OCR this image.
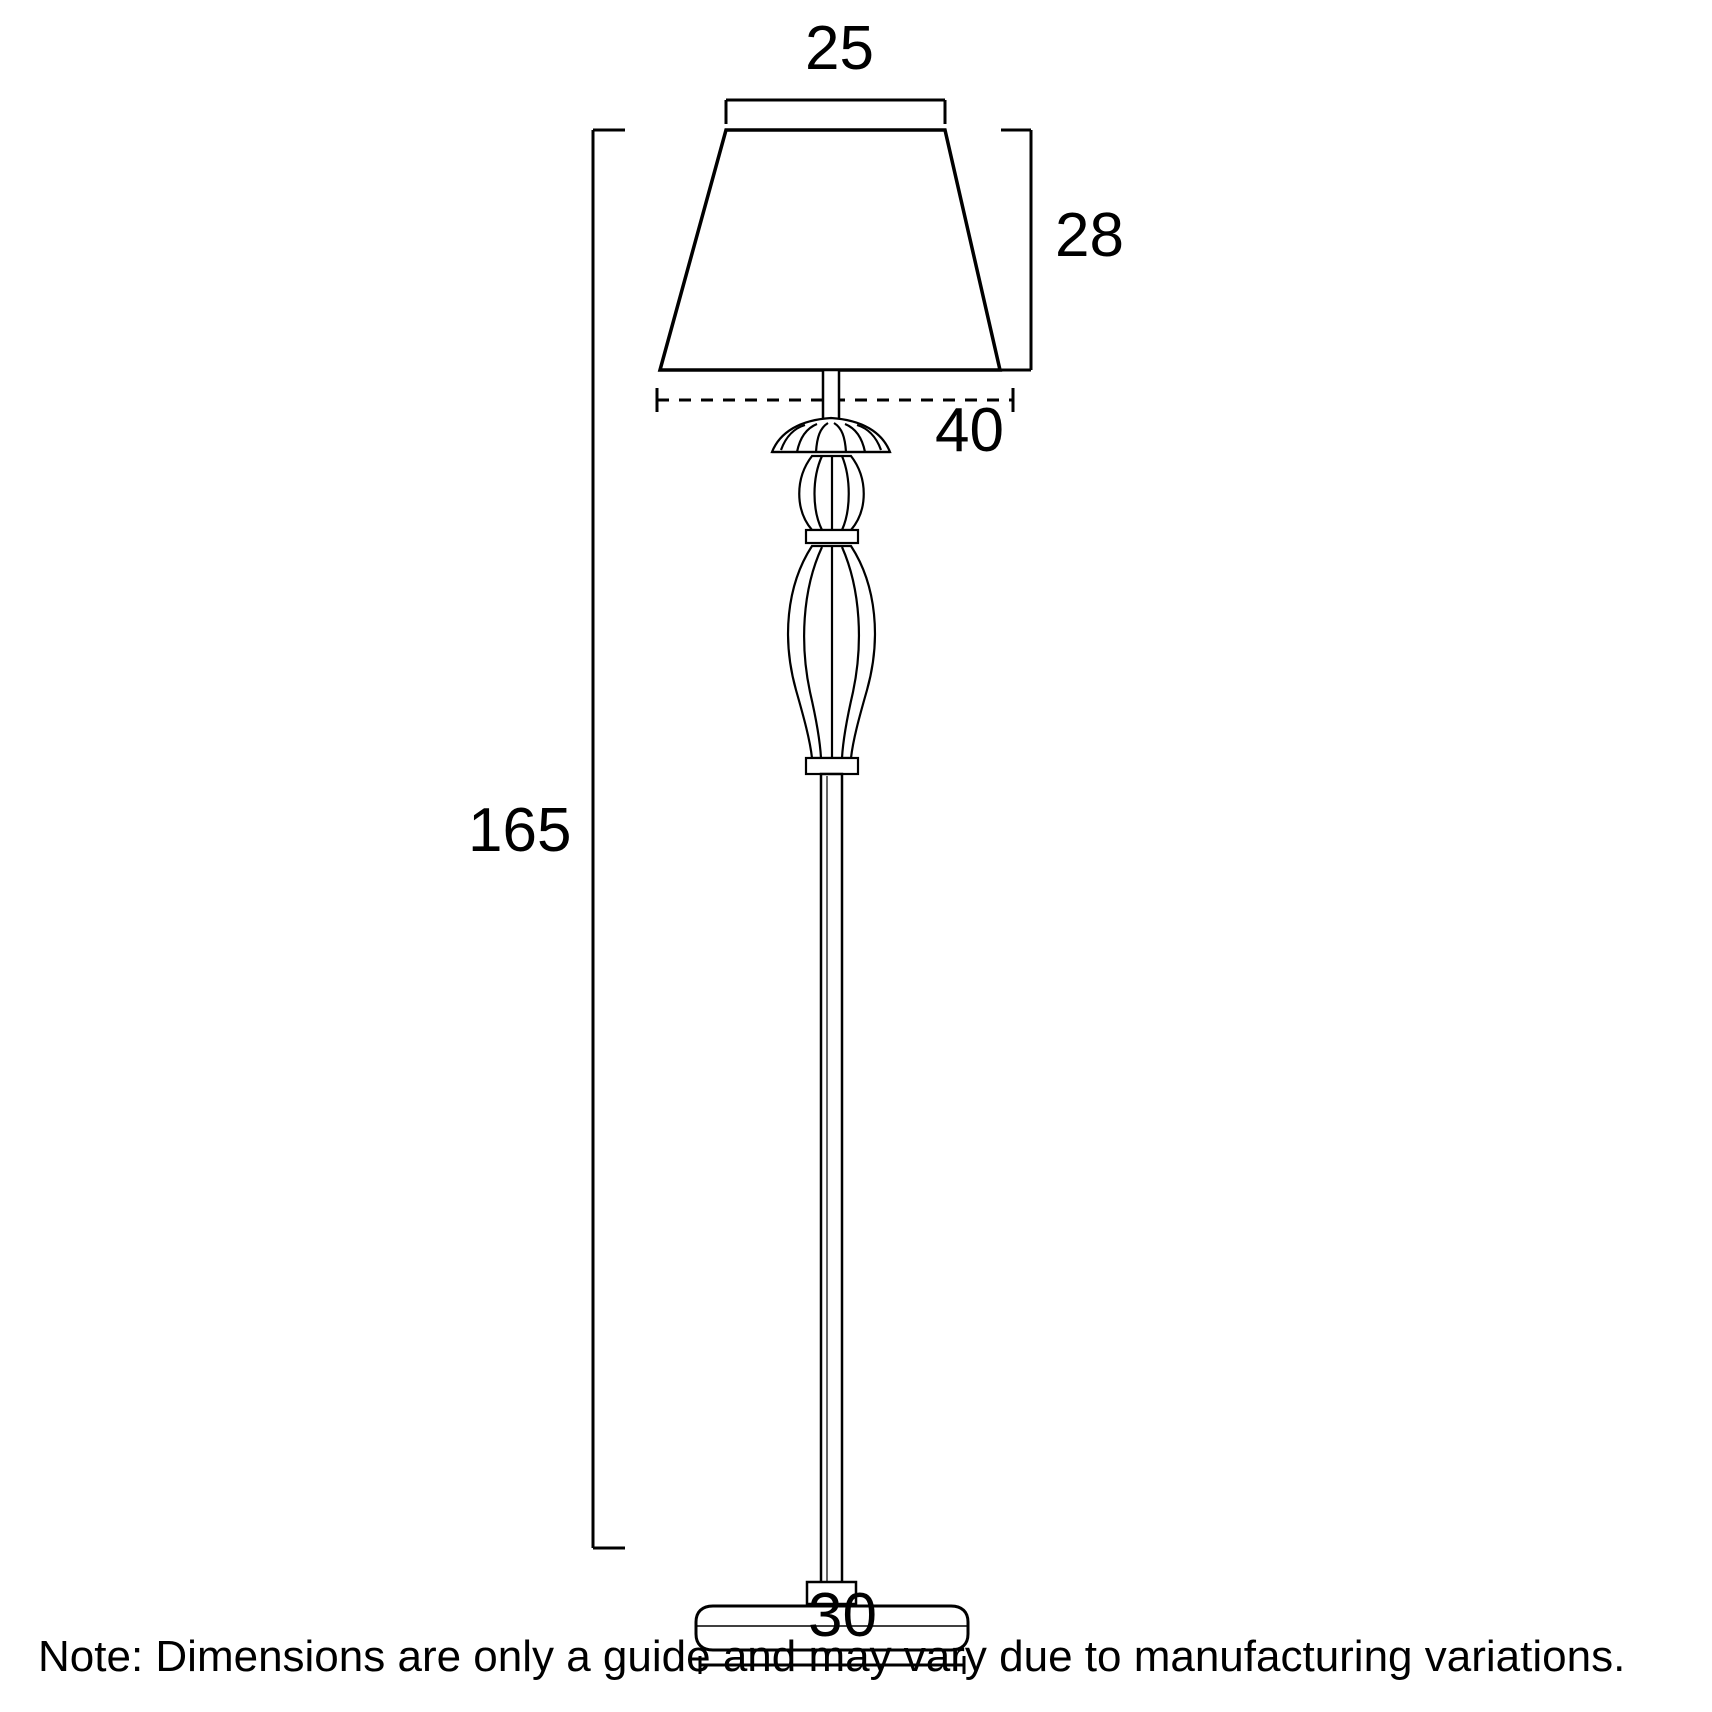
25
28
40
165
30
Note: Dimensions are only a guide and may vary due to manufacturing variations.
